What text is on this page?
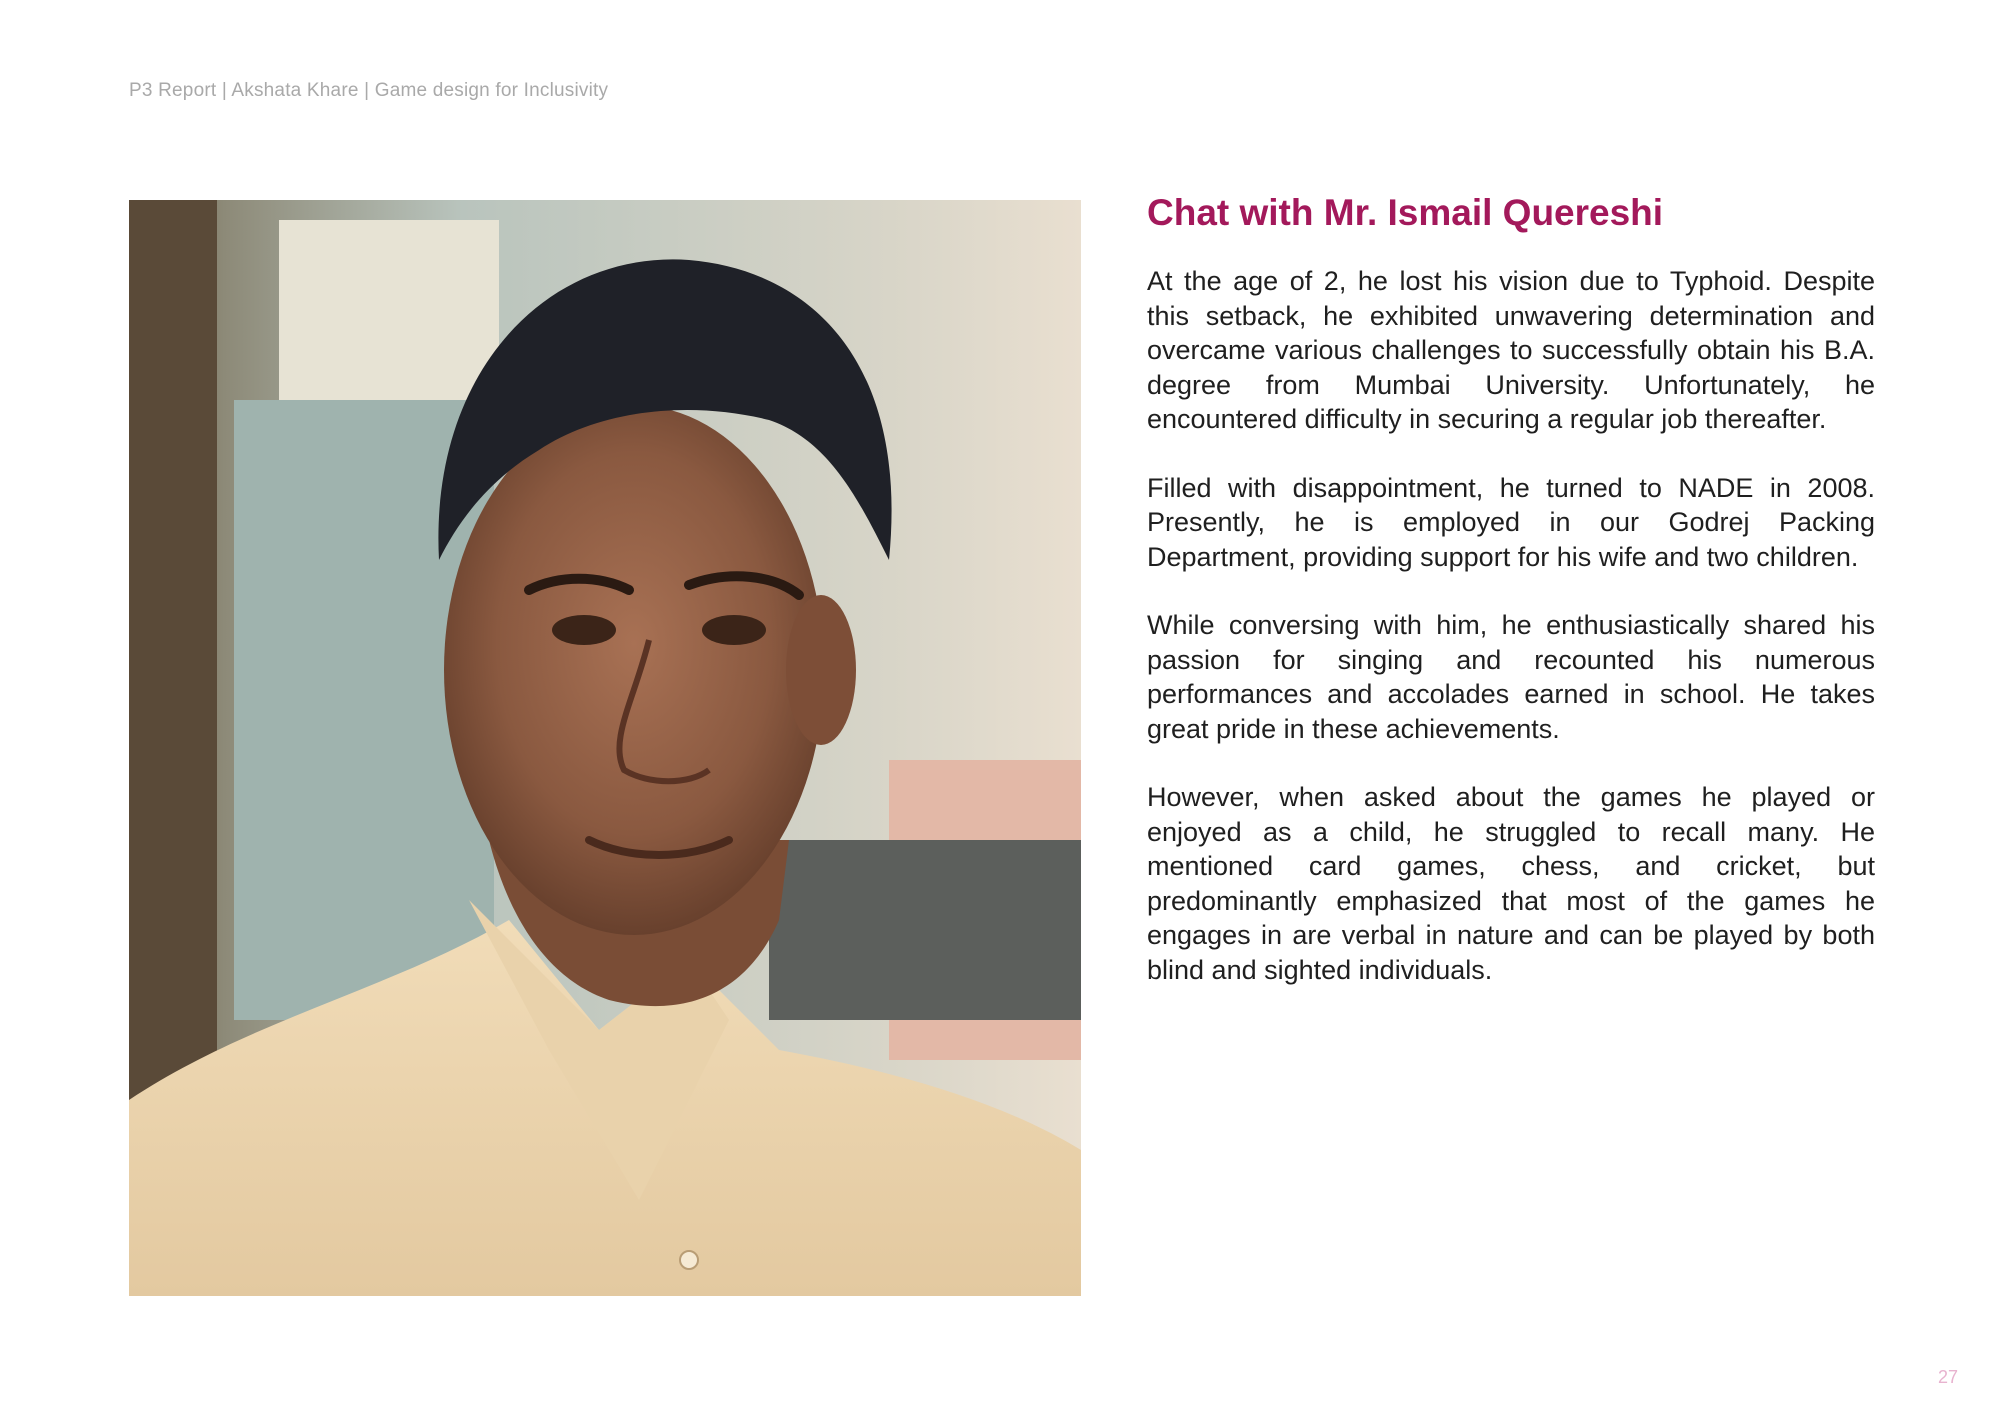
P3 Report | Akshata Khare | Game design for Inclusivity
Chat with Mr. Ismail Quereshi

At the age of 2, he lost his vision due to Typhoid. Despite this setback, he exhibited unwavering determination and overcame various challenges to successfully obtain his B.A. degree from Mumbai University. Unfortunately, he encountered difficulty in securing a regular job thereafter.

Filled with disappointment, he turned to NADE in 2008. Presently, he is employed in our Godrej Packing Department, providing support for his wife and two children.

While conversing with him, he enthusiastically shared his passion for singing and recounted his numerous performances and accolades earned in school. He takes great pride in these achievements.

However, when asked about the games he played or enjoyed as a child, he struggled to recall many. He mentioned card games, chess, and cricket, but predominantly emphasized that most of the games he engages in are verbal in nature and can be played by both blind and sighted individuals.

27
